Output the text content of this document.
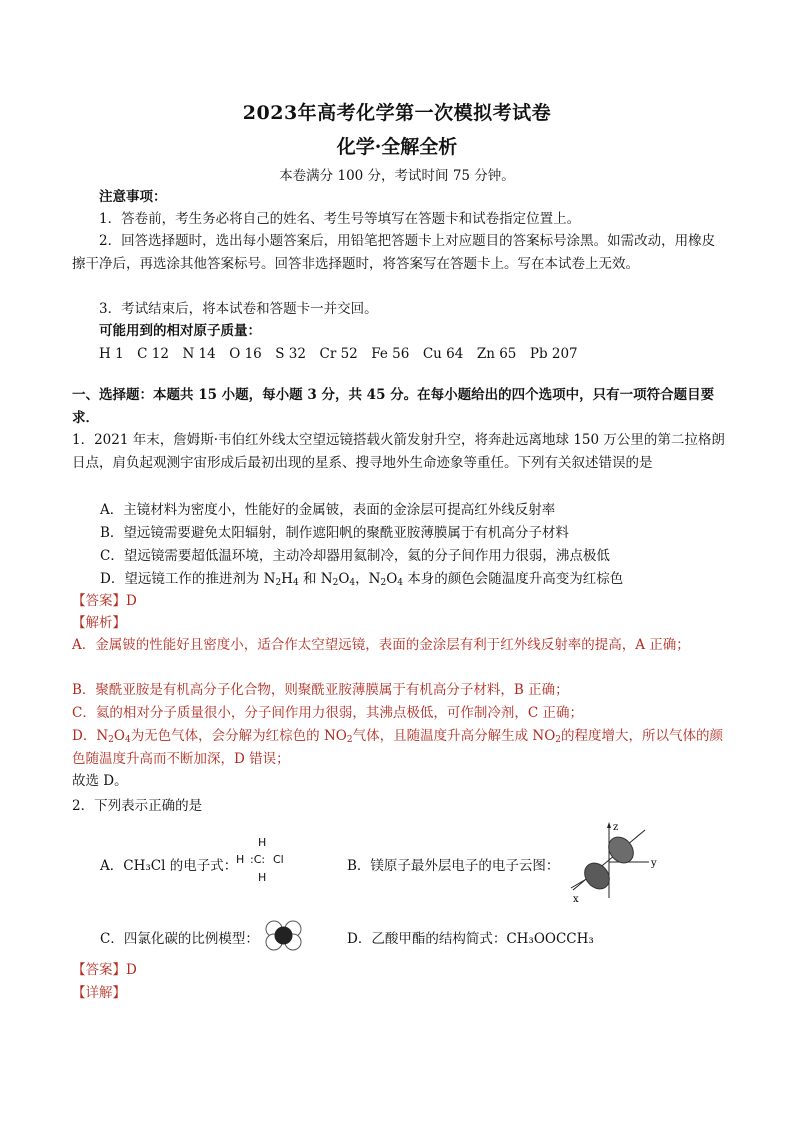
2023年高考化学第一次模拟考试卷
化学·全解全析
本卷满分 100 分，考试时间 75 分钟。
注意事项：
1．答卷前，考生务必将自己的姓名、考生号等填写在答题卡和试卷指定位置上。
2．回答选择题时，选出每小题答案后，用铅笔把答题卡上对应题目的答案标号涂黑。如需改动，用橡皮擦干净后，再选涂其他答案标号。回答非选择题时，将答案写在答题卡上。写在本试卷上无效。
3．考试结束后，将本试卷和答题卡一并交回。
可能用到的相对原子质量：
H 1　C 12　N 14　O 16　S 32　Cr 52　Fe 56　Cu 64　Zn 65　Pb 207
一、选择题：本题共 15 小题，每小题 3 分，共 45 分。在每小题给出的四个选项中，只有一项符合题目要求．
1．2021 年末，詹姆斯·韦伯红外线太空望远镜搭载火箭发射升空，将奔赴远离地球 150 万公里的第二拉格朗日点，肩负起观测宇宙形成后最初出现的星系、搜寻地外生命迹象等重任。下列有关叙述错误的是
A．主镜材料为密度小，性能好的金属铍，表面的金涂层可提高红外线反射率
B．望远镜需要避免太阳辐射，制作遮阳帆的聚酰亚胺薄膜属于有机高分子材料
C．望远镜需要超低温环境，主动冷却器用氦制冷，氦的分子间作用力很弱，沸点极低
D．望远镜工作的推进剂为 $N_2H_4$ 和 $N_2O_4$，$N_2O_4$ 本身的颜色会随温度升高变为红棕色
【答案】D
【解析】
A．金属铍的性能好且密度小，适合作太空望远镜，表面的金涂层有利于红外线反射率的提高，A 正确；
B．聚酰亚胺是有机高分子化合物，则聚酰亚胺薄膜属于有机高分子材料，B 正确；
C．氦的相对分子质量很小，分子间作用力很弱，其沸点极低，可作制冷剂，C 正确；
D．$N_2O_4$为无色气体，会分解为红棕色的 $NO_2$气体，且随温度升高分解生成 $NO_2$的程度增大，所以气体的颜色随温度升高而不断加深，D 错误；
故选 D。
2．下列表示正确的是
A．CH₃Cl 的电子式：
H
H :C: Cl
H
B．镁原子最外层电子的电子云图：
z
y
x
C．四氯化碳的比例模型：	D．乙酸甲酯的结构简式：CH₃OOCCH₃
【答案】D
【详解】
